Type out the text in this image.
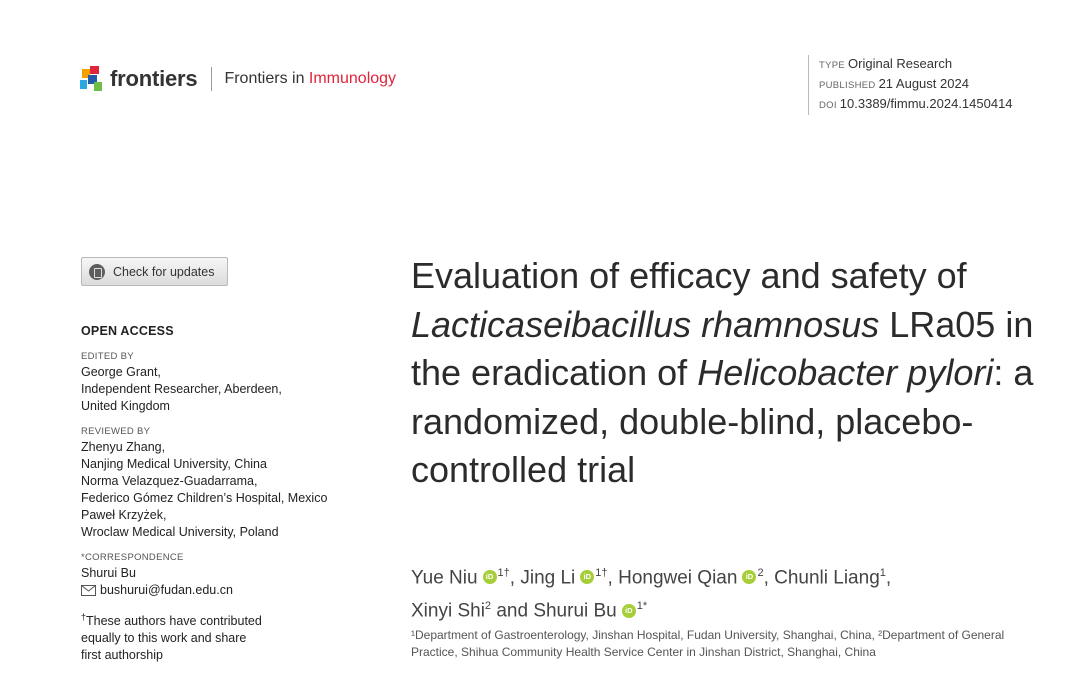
frontiers Frontiers in Immunology
TYPE Original Research
PUBLISHED 21 August 2024
DOI 10.3389/fimmu.2024.1450414
Check for updates
OPEN ACCESS
EDITED BY
George Grant,
Independent Researcher, Aberdeen,
United Kingdom
REVIEWED BY
Zhenyu Zhang,
Nanjing Medical University, China
Norma Velazquez-Guadarrama,
Federico Gómez Children’s Hospital, Mexico
Paweł Krzyżek,
Wroclaw Medical University, Poland
*CORRESPONDENCE
Shurui Bu
bushurui@fudan.edu.cn
†These authors have contributed
equally to this work and share
first authorship
Evaluation of efficacy and safety of Lacticaseibacillus rhamnosus LRa05 in the eradication of Helicobacter pylori: a randomized, double-blind, placebo-controlled trial
Yue Niu iD $^{1\dagger}$, Jing Li iD $^{1\dagger}$, Hongwei Qian iD $^2$, Chunli Liang$^1$,
Xinyi Shi$^2$ and Shurui Bu iD $^{1*}$
¹Department of Gastroenterology, Jinshan Hospital, Fudan University, Shanghai, China, ²Department of General Practice, Shihua Community Health Service Center in Jinshan District, Shanghai, China
